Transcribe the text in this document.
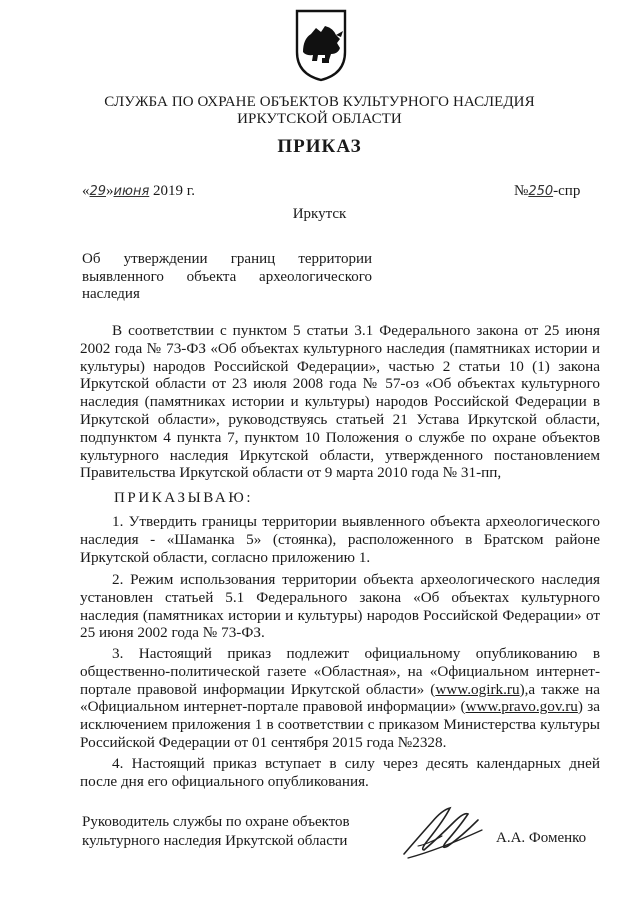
СЛУЖБА ПО ОХРАНЕ ОБЪЕКТОВ КУЛЬТУРНОГО НАСЛЕДИЯ
ИРКУТСКОЙ ОБЛАСТИ
ПРИКАЗ
«29»июня 2019 г.	№250-спр
Иркутск
Об утверждении границ территории выявленного объекта археологического наследия
В соответствии с пунктом 5 статьи 3.1 Федерального закона от 25 июня 2002 года № 73-ФЗ «Об объектах культурного наследия (памятниках истории и культуры) народов Российской Федерации», частью 2 статьи 10 (1) закона Иркутской области от 23 июля 2008 года № 57-оз «Об объектах культурного наследия (памятниках истории и культуры) народов Российской Федерации в Иркутской области», руководствуясь статьей 21 Устава Иркутской области, подпунктом 4 пункта 7, пунктом 10 Положения о службе по охране объектов культурного наследия Иркутской области, утвержденного постановлением Правительства Иркутской области от 9 марта 2010 года № 31-пп,
ПРИКАЗЫВАЮ:
1. Утвердить границы территории выявленного объекта археологического наследия - «Шаманка 5» (стоянка), расположенного в Братском районе Иркутской области, согласно приложению 1.
2. Режим использования территории объекта археологического наследия установлен статьей 5.1 Федерального закона «Об объектах культурного наследия (памятниках истории и культуры) народов Российской Федерации» от 25 июня 2002 года № 73-ФЗ.
3. Настоящий приказ подлежит официальному опубликованию в общественно-политической газете «Областная», на «Официальном интернет-портале правовой информации Иркутской области» (www.ogirk.ru),а также на «Официальном интернет-портале правовой информации» (www.pravo.gov.ru) за исключением приложения 1 в соответствии с приказом Министерства культуры Российской Федерации от 01 сентября 2015 года №2328.
4. Настоящий приказ вступает в силу через десять календарных дней после дня его официального опубликования.
Руководитель службы по охране объектов
культурного наследия Иркутской области	А.А. Фоменко
